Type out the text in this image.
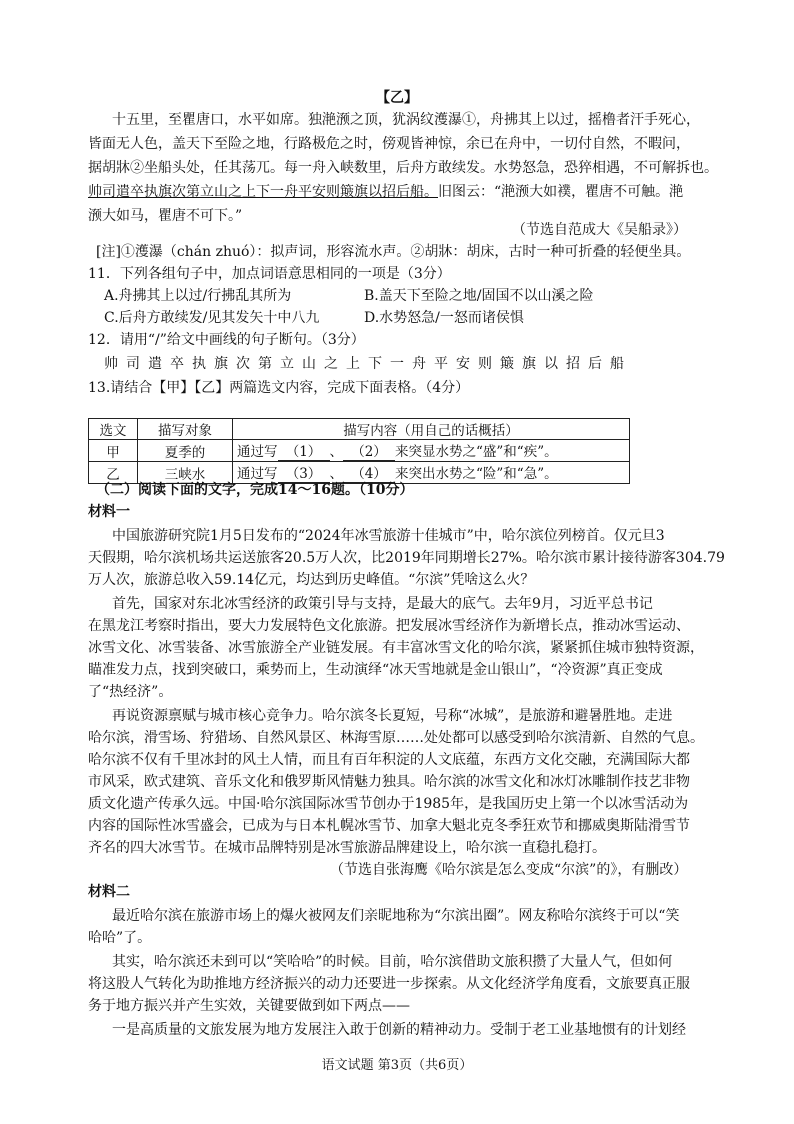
【乙】
十五里，至瞿唐口，水平如席。独滟滪之顶，犹涡纹濩瀑①，舟拂其上以过，摇橹者汗手死心，
皆面无人色，盖天下至险之地，行路极危之时，傍观皆神惊，余已在舟中，一切付自然，不暇问，
据胡牀②坐船头处，任其荡兀。每一舟入峡数里，后舟方敢续发。水势怒急，恐猝相遇，不可解拆也。
帅司遣卒执旗次第立山之上下一舟平安则簸旗以招后船。旧图云：“滟滪大如襆，瞿唐不可触。滟
滪大如马，瞿唐不可下。”
（节选自范成大《吴船录》）
[注]①濩瀑（chán zhuó）：拟声词，形容流水声。②胡牀：胡床，古时一种可折叠的轻便坐具。
11．下列各组句子中，加点词语意思相同的一项是（3分）
A.舟拂其上以过/行拂乱其所为	B.盖天下至险之地/固国不以山溪之险
C.后舟方敢续发/见其发矢十中八九	D.水势怒急/一怒而诸侯惧
12．请用“/”给文中画线的句子断句。（3分）
帅司遣卒执旗次第立山之上下一舟平安则簸旗以招后船
13.请结合【甲】【乙】两篇选文内容，完成下面表格。（4分）
选文	描写对象	描写内容（用自己的话概括）
甲	夏季的	通过写 （1） 、 （2） 来突显水势之“盛”和“疾”。
乙	三峡水	通过写 （3） 、 （4） 来突出水势之“险”和“急”。
（二）阅读下面的文字，完成14～16题。（10分）
材料一
中国旅游研究院1月5日发布的“2024年冰雪旅游十佳城市”中，哈尔滨位列榜首。仅元旦3
天假期，哈尔滨机场共运送旅客20.5万人次，比2019年同期增长27%。哈尔滨市累计接待游客304.79
万人次，旅游总收入59.14亿元，均达到历史峰值。“尔滨”凭啥这么火？
首先，国家对东北冰雪经济的政策引导与支持，是最大的底气。去年9月，习近平总书记
在黑龙江考察时指出，要大力发展特色文化旅游。把发展冰雪经济作为新增长点，推动冰雪运动、
冰雪文化、冰雪装备、冰雪旅游全产业链发展。有丰富冰雪文化的哈尔滨，紧紧抓住城市独特资源，
瞄准发力点，找到突破口，乘势而上，生动演绎“冰天雪地就是金山银山”，“冷资源”真正变成
了“热经济”。
再说资源禀赋与城市核心竞争力。哈尔滨冬长夏短，号称“冰城”，是旅游和避暑胜地。走进
哈尔滨，滑雪场、狩猎场、自然风景区、林海雪原……处处都可以感受到哈尔滨清新、自然的气息。
哈尔滨不仅有千里冰封的风土人情，而且有百年积淀的人文底蕴，东西方文化交融，充满国际大都
市风采，欧式建筑、音乐文化和俄罗斯风情魅力独具。哈尔滨的冰雪文化和冰灯冰雕制作技艺非物
质文化遗产传承久远。中国·哈尔滨国际冰雪节创办于1985年，是我国历史上第一个以冰雪活动为
内容的国际性冰雪盛会，已成为与日本札幌冰雪节、加拿大魁北克冬季狂欢节和挪威奥斯陆滑雪节
齐名的四大冰雪节。在城市品牌特别是冰雪旅游品牌建设上，哈尔滨一直稳扎稳打。
（节选自张海鹰《哈尔滨是怎么变成“尔滨”的》，有删改）
材料二
最近哈尔滨在旅游市场上的爆火被网友们亲昵地称为“尔滨出圈”。网友称哈尔滨终于可以“笑
哈哈”了。
其实，哈尔滨还未到可以“笑哈哈”的时候。目前，哈尔滨借助文旅积攒了大量人气，但如何
将这股人气转化为助推地方经济振兴的动力还要进一步探索。从文化经济学角度看，文旅要真正服
务于地方振兴并产生实效，关键要做到如下两点——
一是高质量的文旅发展为地方发展注入敢于创新的精神动力。受制于老工业基地惯有的计划经
语文试题 第3页（共6页）
